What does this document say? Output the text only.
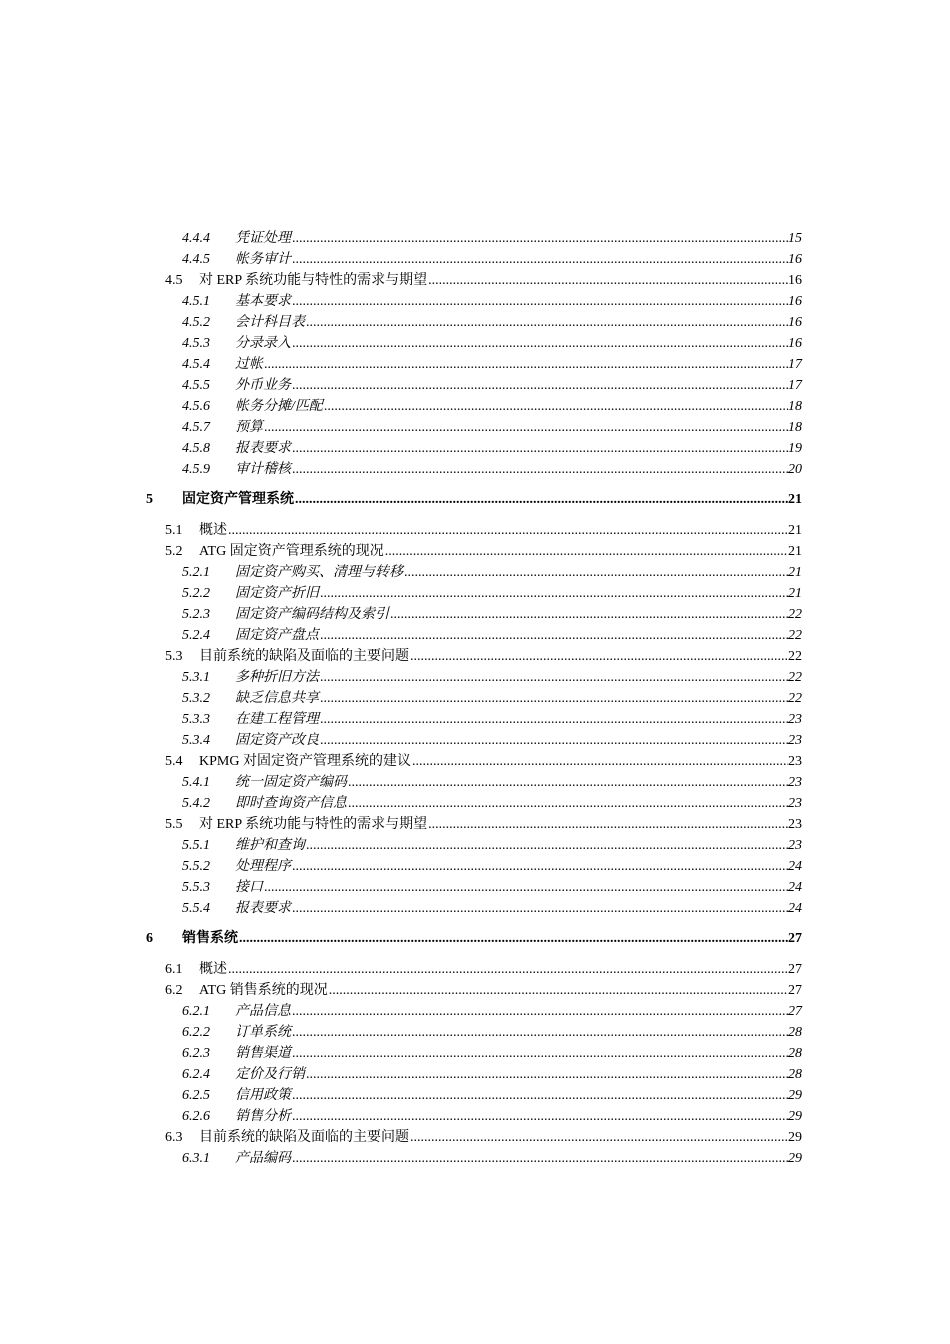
4.4.4 凭证处理 .....	15
4.4.5 帐务审计 .....	16
4.5 对 ERP 系统功能与特性的需求与期望 .....	16
4.5.1 基本要求 .....	16
4.5.2 会计科目表 .....	16
4.5.3 分录录入 .....	16
4.5.4 过帐 .....	17
4.5.5 外币业务 .....	17
4.5.6 帐务分摊/匹配 .....	18
4.5.7 预算 .....	18
4.5.8 报表要求 .....	19
4.5.9 审计稽核 .....	20
5 固定资产管理系统 .....	21
5.1 概述 .....	21
5.2 ATG 固定资产管理系统的现况 .....	21
5.2.1 固定资产购买、清理与转移 .....	21
5.2.2 固定资产折旧 .....	21
5.2.3 固定资产编码结构及索引 .....	22
5.2.4 固定资产盘点 .....	22
5.3 目前系统的缺陷及面临的主要问题 .....	22
5.3.1 多种折旧方法 .....	22
5.3.2 缺乏信息共享 .....	22
5.3.3 在建工程管理 .....	23
5.3.4 固定资产改良 .....	23
5.4 KPMG 对固定资产管理系统的建议 .....	23
5.4.1 统一固定资产编码 .....	23
5.4.2 即时查询资产信息 .....	23
5.5 对 ERP 系统功能与特性的需求与期望 .....	23
5.5.1 维护和查询 .....	23
5.5.2 处理程序 .....	24
5.5.3 接口 .....	24
5.5.4 报表要求 .....	24
6 销售系统 .....	27
6.1 概述 .....	27
6.2 ATG 销售系统的现况 .....	27
6.2.1 产品信息 .....	27
6.2.2 订单系统 .....	28
6.2.3 销售渠道 .....	28
6.2.4 定价及行销 .....	28
6.2.5 信用政策 .....	29
6.2.6 销售分析 .....	29
6.3 目前系统的缺陷及面临的主要问题 .....	29
6.3.1 产品编码 .....	29
